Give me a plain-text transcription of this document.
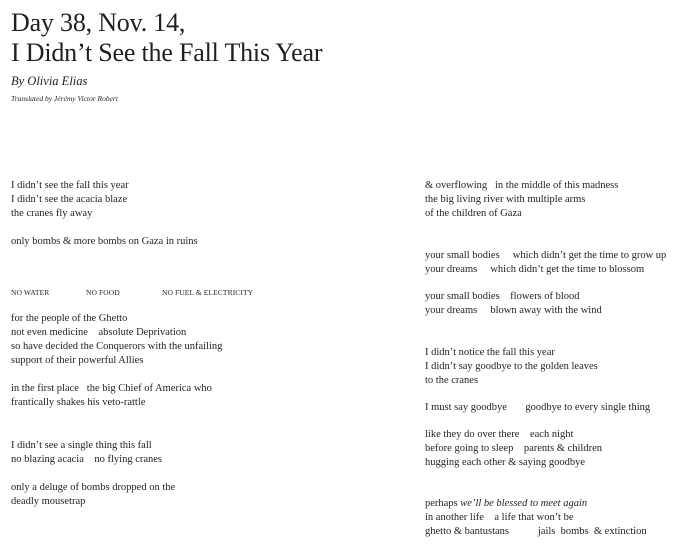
Day 38, Nov. 14,
I Didn’t See the Fall This Year
By Olivia Elias
Translated by Jérémy Victor Robert
I didn’t see the fall this year
I didn’t see the acacia blaze
the cranes fly away
only bombs & more bombs on Gaza in ruins
NO WATER	NO FOOD	NO FUEL & ELECTRICITY
for the people of the Ghetto
not even medicine    absolute Deprivation
so have decided the Conquerors with the unfailing
support of their powerful Allies
in the first place   the big Chief of America who
frantically shakes his veto-rattle
I didn’t see a single thing this fall
no blazing acacia    no flying cranes
only a deluge of bombs dropped on the
deadly mousetrap
& overflowing   in the middle of this madness
the big living river with multiple arms
of the children of Gaza
your small bodies     which didn’t get the time to grow up
your dreams     which didn’t get the time to blossom
your small bodies    flowers of blood
your dreams     blown away with the wind
I didn’t notice the fall this year
I didn’t say goodbye to the golden leaves
to the cranes
I must say goodbye       goodbye to every single thing
like they do over there    each night
before going to sleep    parents & children
hugging each other & saying goodbye
perhaps we’ll be blessed to meet again
in another life    a life that won’t be
ghetto & bantustans           jails  bombs  & extinction
